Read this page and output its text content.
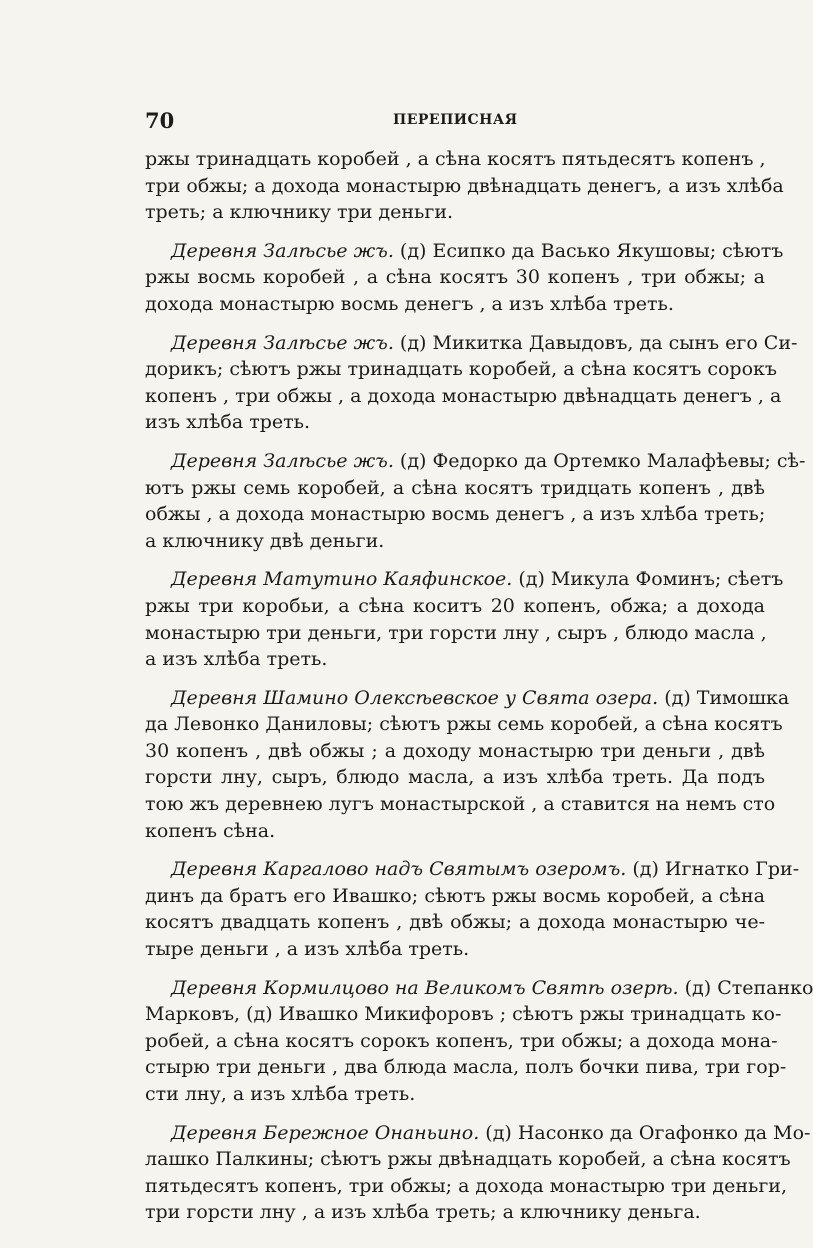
70	ПЕРЕПИСНАЯ
ржы тринадцать коробей , а сѣна косятъ пятьдесятъ копенъ ,
три обжы; а дохода монастырю двѣнадцать денегъ, а изъ хлѣба
треть; а ключнику три деньги.
Деревня Залѣсье жъ. (д) Есипко да Васько Якушовы; сѣютъ
ржы восмь коробей , а сѣна косятъ 30 копенъ , три обжы; а
дохода монастырю восмь денегъ , а изъ хлѣба треть.
Деревня Залѣсье жъ. (д) Микитка Давыдовъ, да сынъ его Си-
дорикъ; сѣютъ ржы тринадцать коробей, а сѣна косятъ сорокъ
копенъ , три обжы , а дохода монастырю двѣнадцать денегъ , а
изъ хлѣба треть.
Деревня Залѣсье жъ. (д) Федорко да Ортемко Малафѣевы; сѣ-
ютъ ржы семь коробей, а сѣна косятъ тридцать копенъ , двѣ
обжы , а дохода монастырю восмь денегъ , а изъ хлѣба треть;
а ключнику двѣ деньги.
Деревня Матутино Каяфинское. (д) Микула Фоминъ; сѣетъ
ржы три коробьи, а сѣна коситъ 20 копенъ, обжа; а дохода
монастырю три деньги, три горсти лну , сыръ , блюдо масла ,
а изъ хлѣба треть.
Деревня Шамино Олексѣевское у Свята озера. (д) Тимошка
да Левонко Даниловы; сѣютъ ржы семь коробей, а сѣна косятъ
30 копенъ , двѣ обжы ; а доходу монастырю три деньги , двѣ
горсти лну, сыръ, блюдо масла, а изъ хлѣба треть. Да подъ
тою жъ деревнею лугъ монастырской , а ставится на немъ сто
копенъ сѣна.
Деревня Каргалово надъ Святымъ озеромъ. (д) Игнатко Гри-
динъ да братъ его Ивашко; сѣютъ ржы восмь коробей, а сѣна
косятъ двадцать копенъ , двѣ обжы; а дохода монастырю че-
тыре деньги , а изъ хлѣба треть.
Деревня Кормилцово на Великомъ Святѣ озерѣ. (д) Степанко
Марковъ, (д) Ивашко Микифоровъ ; сѣютъ ржы тринадцать ко-
робей, а сѣна косятъ сорокъ копенъ, три обжы; а дохода мона-
стырю три деньги , два блюда масла, полъ бочки пива, три гор-
сти лну, а изъ хлѣба треть.
Деревня Бережное Онаньино. (д) Насонко да Огафонко да Мо-
лашко Палкины; сѣютъ ржы двѣнадцать коробей, а сѣна косятъ
пятьдесятъ копенъ, три обжы; а дохода монастырю три деньги,
три горсти лну , а изъ хлѣба треть; а ключнику деньга.
